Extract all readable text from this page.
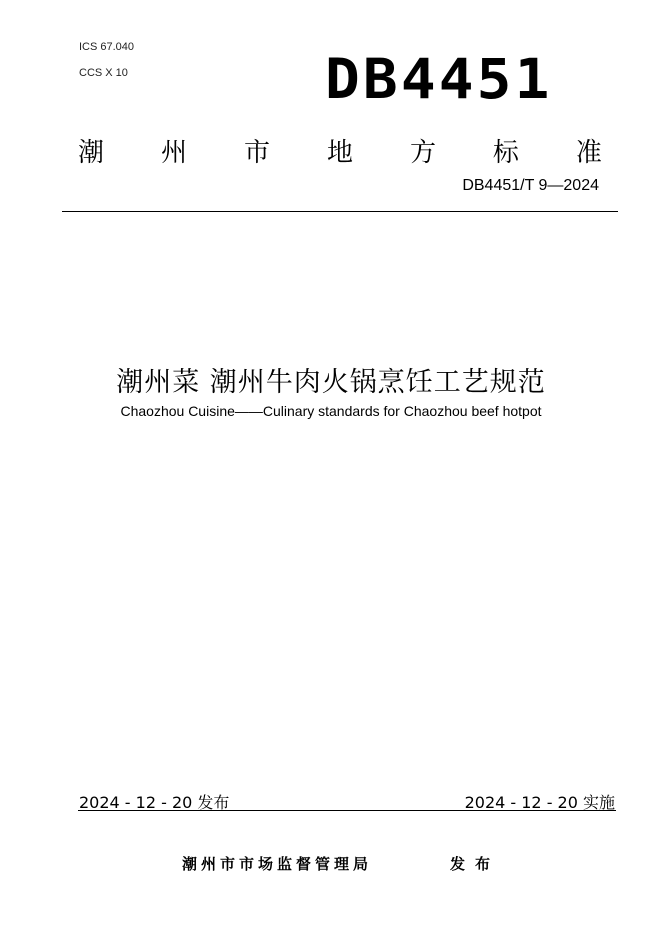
ICS 67.040
CCS X 10	DB4451
潮 州 市 地 方 标 准
DB4451/T 9—2024
潮州菜 潮州牛肉火锅烹饪工艺规范
Chaozhou Cuisine——Culinary standards for Chaozhou beef hotpot
2024 - 12 - 20 发布	2024 - 12 - 20 实施
潮州市市场监督管理局	发布
